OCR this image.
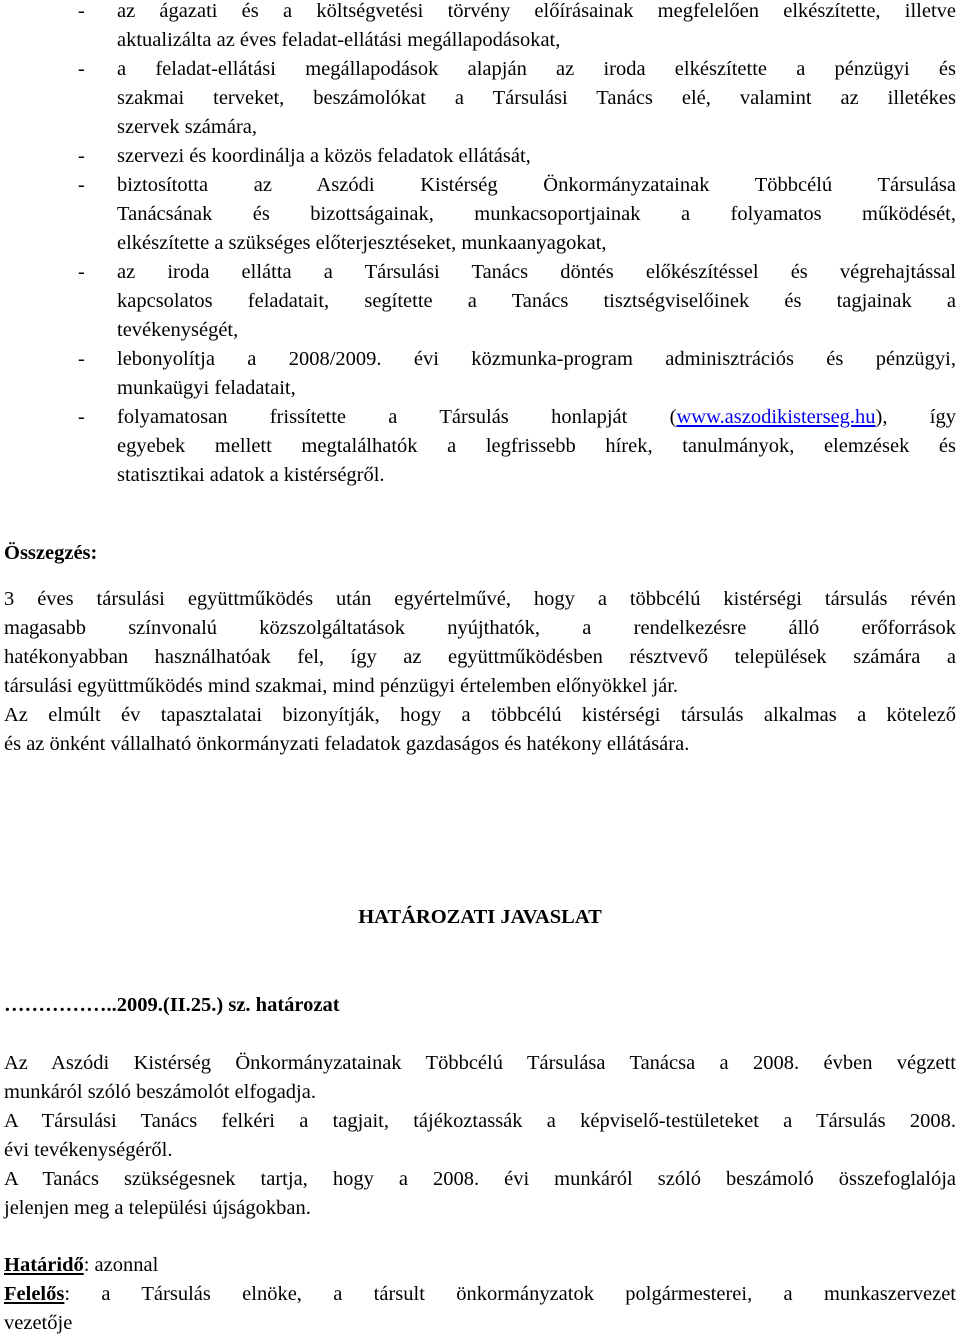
-	az ágazati és a költségvetési törvény előírásainak megfelelően elkészítette, illetve
aktualizálta az éves feladat-ellátási megállapodásokat,
-	a feladat-ellátási megállapodások alapján az iroda elkészítette a pénzügyi és
szakmai terveket, beszámolókat a Társulási Tanács elé, valamint az illetékes
szervek számára,
-	szervezi és koordinálja a közös feladatok ellátását,
-	biztosította az Aszódi Kistérség Önkormányzatainak Többcélú Társulása
Tanácsának és bizottságainak, munkacsoportjainak a folyamatos működését,
elkészítette a szükséges előterjesztéseket, munkaanyagokat,
-	az iroda ellátta a Társulási Tanács döntés előkészítéssel és végrehajtással
kapcsolatos feladatait, segítette a Tanács tisztségviselőinek és tagjainak a
tevékenységét,
-	lebonyolítja a 2008/2009. évi közmunka-program adminisztrációs és pénzügyi,
munkaügyi feladatait,
-	folyamatosan frissítette a Társulás honlapját (www.aszodikisterseg.hu), így
egyebek mellett megtalálhatók a legfrissebb hírek, tanulmányok, elemzések és
statisztikai adatok a kistérségről.
Összegzés:
3 éves társulási együttműködés után egyértelművé, hogy a többcélú kistérségi társulás révén
magasabb színvonalú közszolgáltatások nyújthatók, a rendelkezésre álló erőforrások
hatékonyabban használhatóak fel, így az együttműködésben résztvevő települések számára a
társulási együttműködés mind szakmai, mind pénzügyi értelemben előnyökkel jár.
Az elmúlt év tapasztalatai bizonyítják, hogy a többcélú kistérségi társulás alkalmas a kötelező
és az önként vállalható önkormányzati feladatok gazdaságos és hatékony ellátására.
HATÁROZATI JAVASLAT
……………..2009.(II.25.) sz. határozat
Az Aszódi Kistérség Önkormányzatainak Többcélú Társulása Tanácsa a 2008. évben végzett
munkáról szóló beszámolót elfogadja.
A Társulási Tanács felkéri a tagjait, tájékoztassák a képviselő-testületeket a Társulás 2008.
évi tevékenységéről.
A Tanács szükségesnek tartja, hogy a 2008. évi munkáról szóló beszámoló összefoglalója
jelenjen meg a települési újságokban.
Határidő: azonnal
Felelős: a Társulás elnöke, a társult önkormányzatok polgármesterei, a munkaszervezet
vezetője
